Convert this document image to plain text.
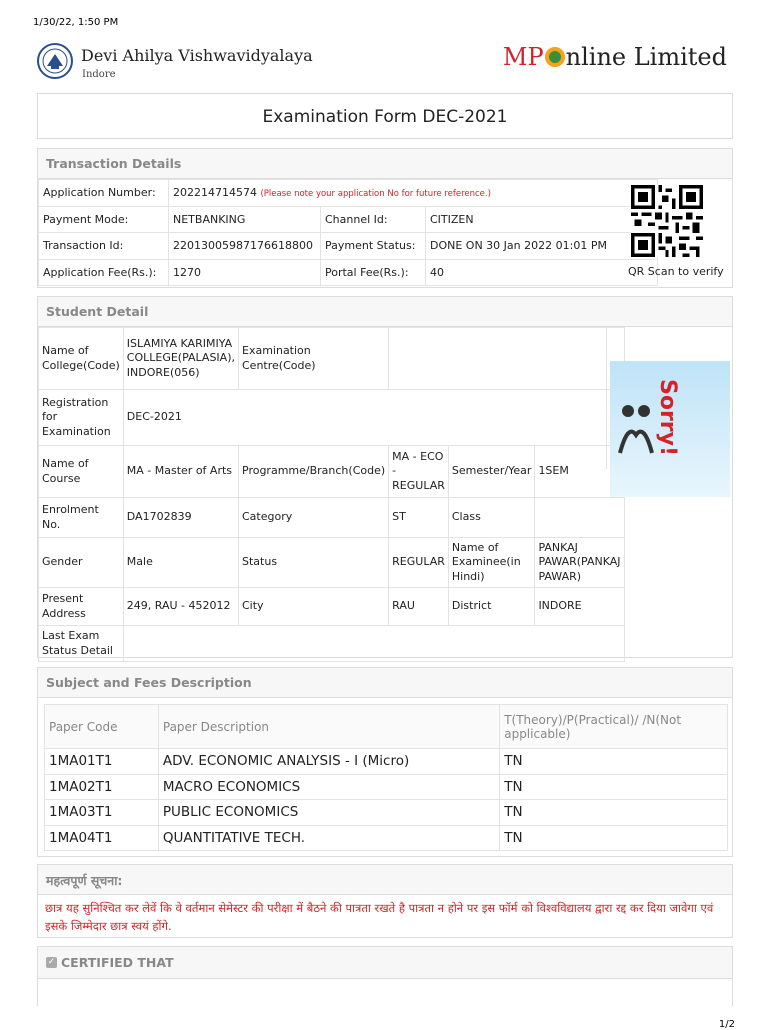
1/30/22, 1:50 PM
Devi Ahilya Vishwavidyalaya
Indore
MP nline Limited
Examination Form DEC-2021
Transaction Details
Application Number:	202214714574 (Please note your application No for future reference.)		
Payment Mode:	NETBANKING	Channel Id:	CITIZEN
Transaction Id:	22013005987176618800	Payment Status:	DONE ON 30 Jan 2022 01:01 PM
Application Fee(Rs.):	1270	Portal Fee(Rs.):	40	QR Scan to verify
Student Detail
Name of College(Code)	ISLAMIYA KARIMIYA COLLEGE(PALASIA), INDORE(056)	Examination Centre(Code)			
Registration for Examination	DEC-2021				
Name of Course	MA - Master of Arts	Programme/Branch(Code)	MA - ECO - REGULAR	Semester/Year	1SEM
Enrolment No.	DA1702839	Category	ST	Class	
Gender	Male	Status	REGULAR	Name of Examinee(in Hindi)	PANKAJ PAWAR(PANKAJ PAWAR)
Present Address	249, RAU - 452012	City	RAU	District	INDORE
Last Exam Status Detail					
Sorry!
Subject and Fees Description
Paper Code	Paper Description	T(Theory)/P(Practical)/ /N(Not applicable)
1MA01T1	ADV. ECONOMIC ANALYSIS - I (Micro)	TN
1MA02T1	MACRO ECONOMICS	TN
1MA03T1	PUBLIC ECONOMICS	TN
1MA04T1	QUANTITATIVE TECH.	TN
महत्वपूर्ण सूचना:
छात्र यह सुनिश्चित कर लेवें कि वे वर्तमान सेमेस्टर की परीक्षा में बैठने की पात्रता रखते है पात्रता न होने पर इस फॉर्म को विश्वविद्यालय द्वारा रद्द कर दिया जावेगा एवं इसके जिम्मेदार छात्र स्वयं होंगे.
✓ CERTIFIED THAT
1/2
